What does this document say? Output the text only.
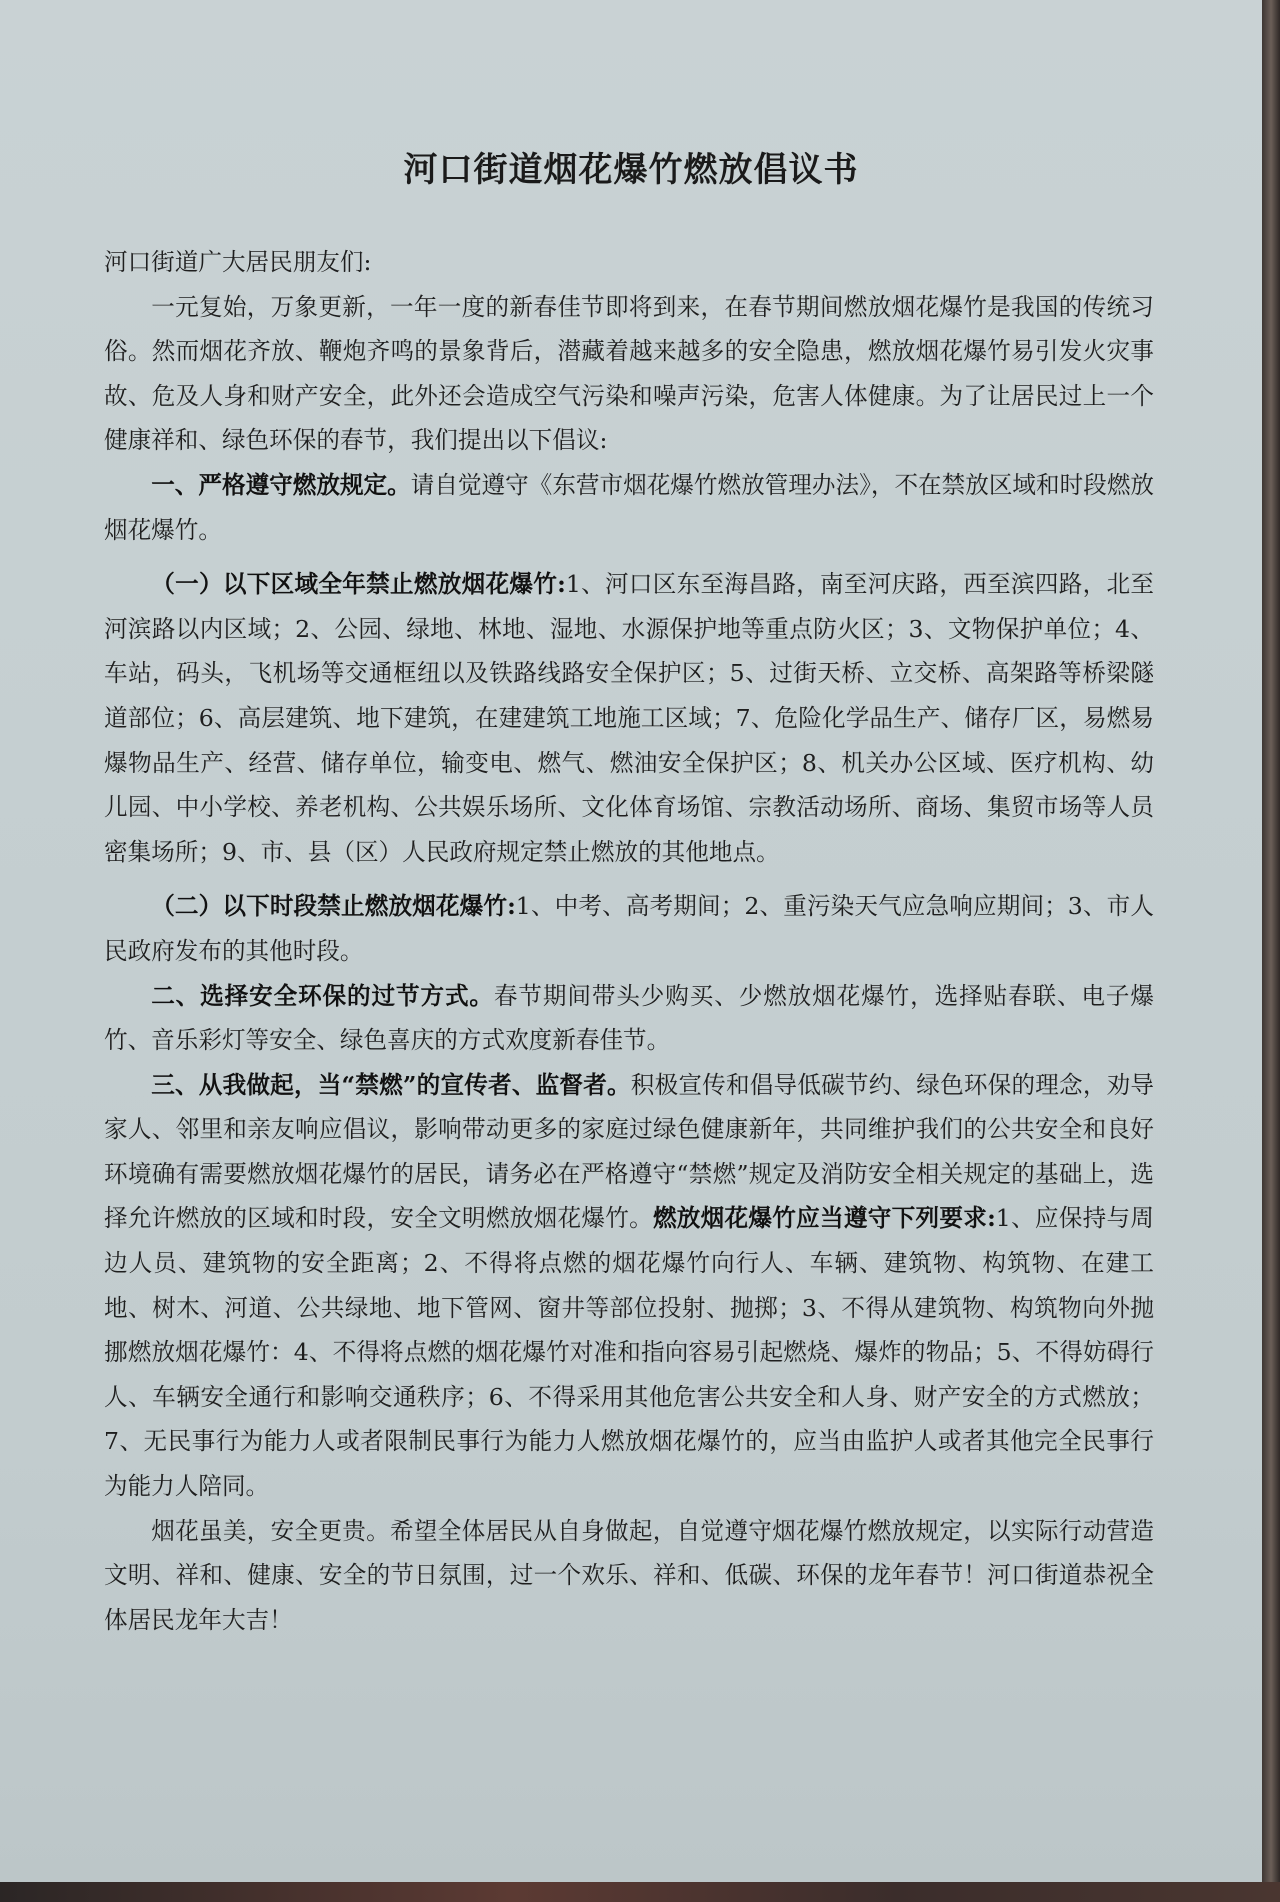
河口街道烟花爆竹燃放倡议书

河口街道广大居民朋友们:

一元复始，万象更新，一年一度的新春佳节即将到来，在春节期间燃放烟花爆竹是我国的传统习俗。然而烟花齐放、鞭炮齐鸣的景象背后，潜藏着越来越多的安全隐患，燃放烟花爆竹易引发火灾事故、危及人身和财产安全，此外还会造成空气污染和噪声污染，危害人体健康。为了让居民过上一个健康祥和、绿色环保的春节，我们提出以下倡议:

一、严格遵守燃放规定。请自觉遵守《东营市烟花爆竹燃放管理办法》，不在禁放区域和时段燃放烟花爆竹。

（一）以下区域全年禁止燃放烟花爆竹:1、河口区东至海昌路，南至河庆路，西至滨四路，北至河滨路以内区域；2、公园、绿地、林地、湿地、水源保护地等重点防火区；3、文物保护单位；4、车站，码头，飞机场等交通框纽以及铁路线路安全保护区；5、过街天桥、立交桥、高架路等桥梁隧道部位；6、高层建筑、地下建筑，在建建筑工地施工区域；7、危险化学品生产、储存厂区，易燃易爆物品生产、经营、储存单位，输变电、燃气、燃油安全保护区；8、机关办公区域、医疗机构、幼儿园、中小学校、养老机构、公共娱乐场所、文化体育场馆、宗教活动场所、商场、集贸市场等人员密集场所；9、市、县（区）人民政府规定禁止燃放的其他地点。

（二）以下时段禁止燃放烟花爆竹:1、中考、高考期间；2、重污染天气应急响应期间；3、市人民政府发布的其他时段。

二、选择安全环保的过节方式。春节期间带头少购买、少燃放烟花爆竹，选择贴春联、电子爆竹、音乐彩灯等安全、绿色喜庆的方式欢度新春佳节。

三、从我做起，当“禁燃”的宣传者、监督者。积极宣传和倡导低碳节约、绿色环保的理念，劝导家人、邻里和亲友响应倡议，影响带动更多的家庭过绿色健康新年，共同维护我们的公共安全和良好环境确有需要燃放烟花爆竹的居民，请务必在严格遵守“禁燃”规定及消防安全相关规定的基础上，选择允许燃放的区域和时段，安全文明燃放烟花爆竹。燃放烟花爆竹应当遵守下列要求:1、应保持与周边人员、建筑物的安全距离；2、不得将点燃的烟花爆竹向行人、车辆、建筑物、构筑物、在建工地、树木、河道、公共绿地、地下管网、窗井等部位投射、抛掷；3、不得从建筑物、构筑物向外抛挪燃放烟花爆竹：4、不得将点燃的烟花爆竹对准和指向容易引起燃烧、爆炸的物品；5、不得妨碍行人、车辆安全通行和影响交通秩序；6、不得采用其他危害公共安全和人身、财产安全的方式燃放；7、无民事行为能力人或者限制民事行为能力人燃放烟花爆竹的，应当由监护人或者其他完全民事行为能力人陪同。

烟花虽美，安全更贵。希望全体居民从自身做起，自觉遵守烟花爆竹燃放规定，以实际行动营造文明、祥和、健康、安全的节日氛围，过一个欢乐、祥和、低碳、环保的龙年春节！河口街道恭祝全体居民龙年大吉！
